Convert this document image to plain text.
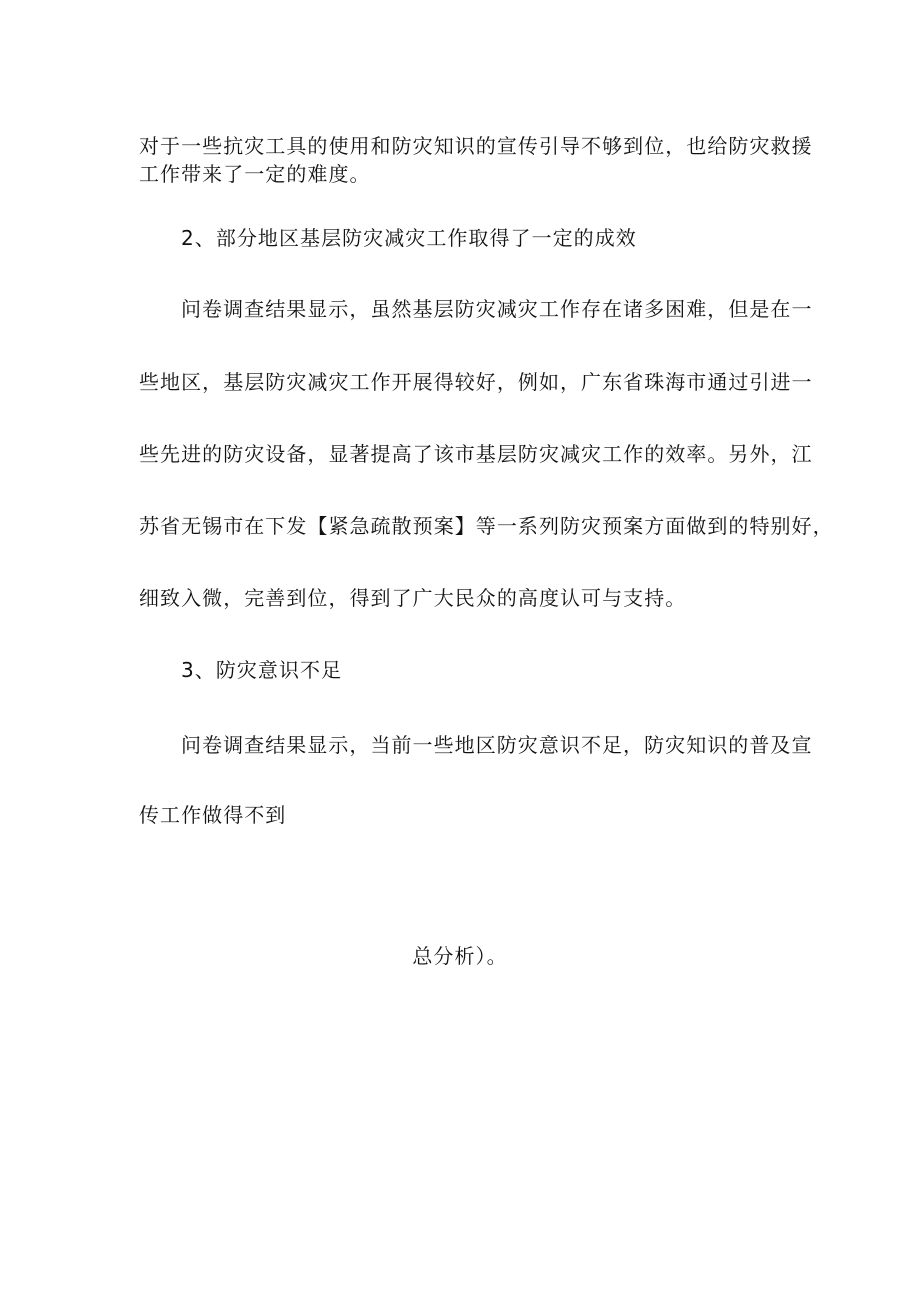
对于一些抗灾工具的使用和防灾知识的宣传引导不够到位，也给防灾救援
工作带来了一定的难度。
2、部分地区基层防灾减灾工作取得了一定的成效
问卷调查结果显示，虽然基层防灾减灾工作存在诸多困难，但是在一
些地区，基层防灾减灾工作开展得较好，例如，广东省珠海市通过引进一
些先进的防灾设备，显著提高了该市基层防灾减灾工作的效率。另外，江
苏省无锡市在下发【紧急疏散预案】等一系列防灾预案方面做到的特别好，
细致入微，完善到位，得到了广大民众的高度认可与支持。
3、防灾意识不足
问卷调查结果显示，当前一些地区防灾意识不足，防灾知识的普及宣
传工作做得不到
总分析）。
